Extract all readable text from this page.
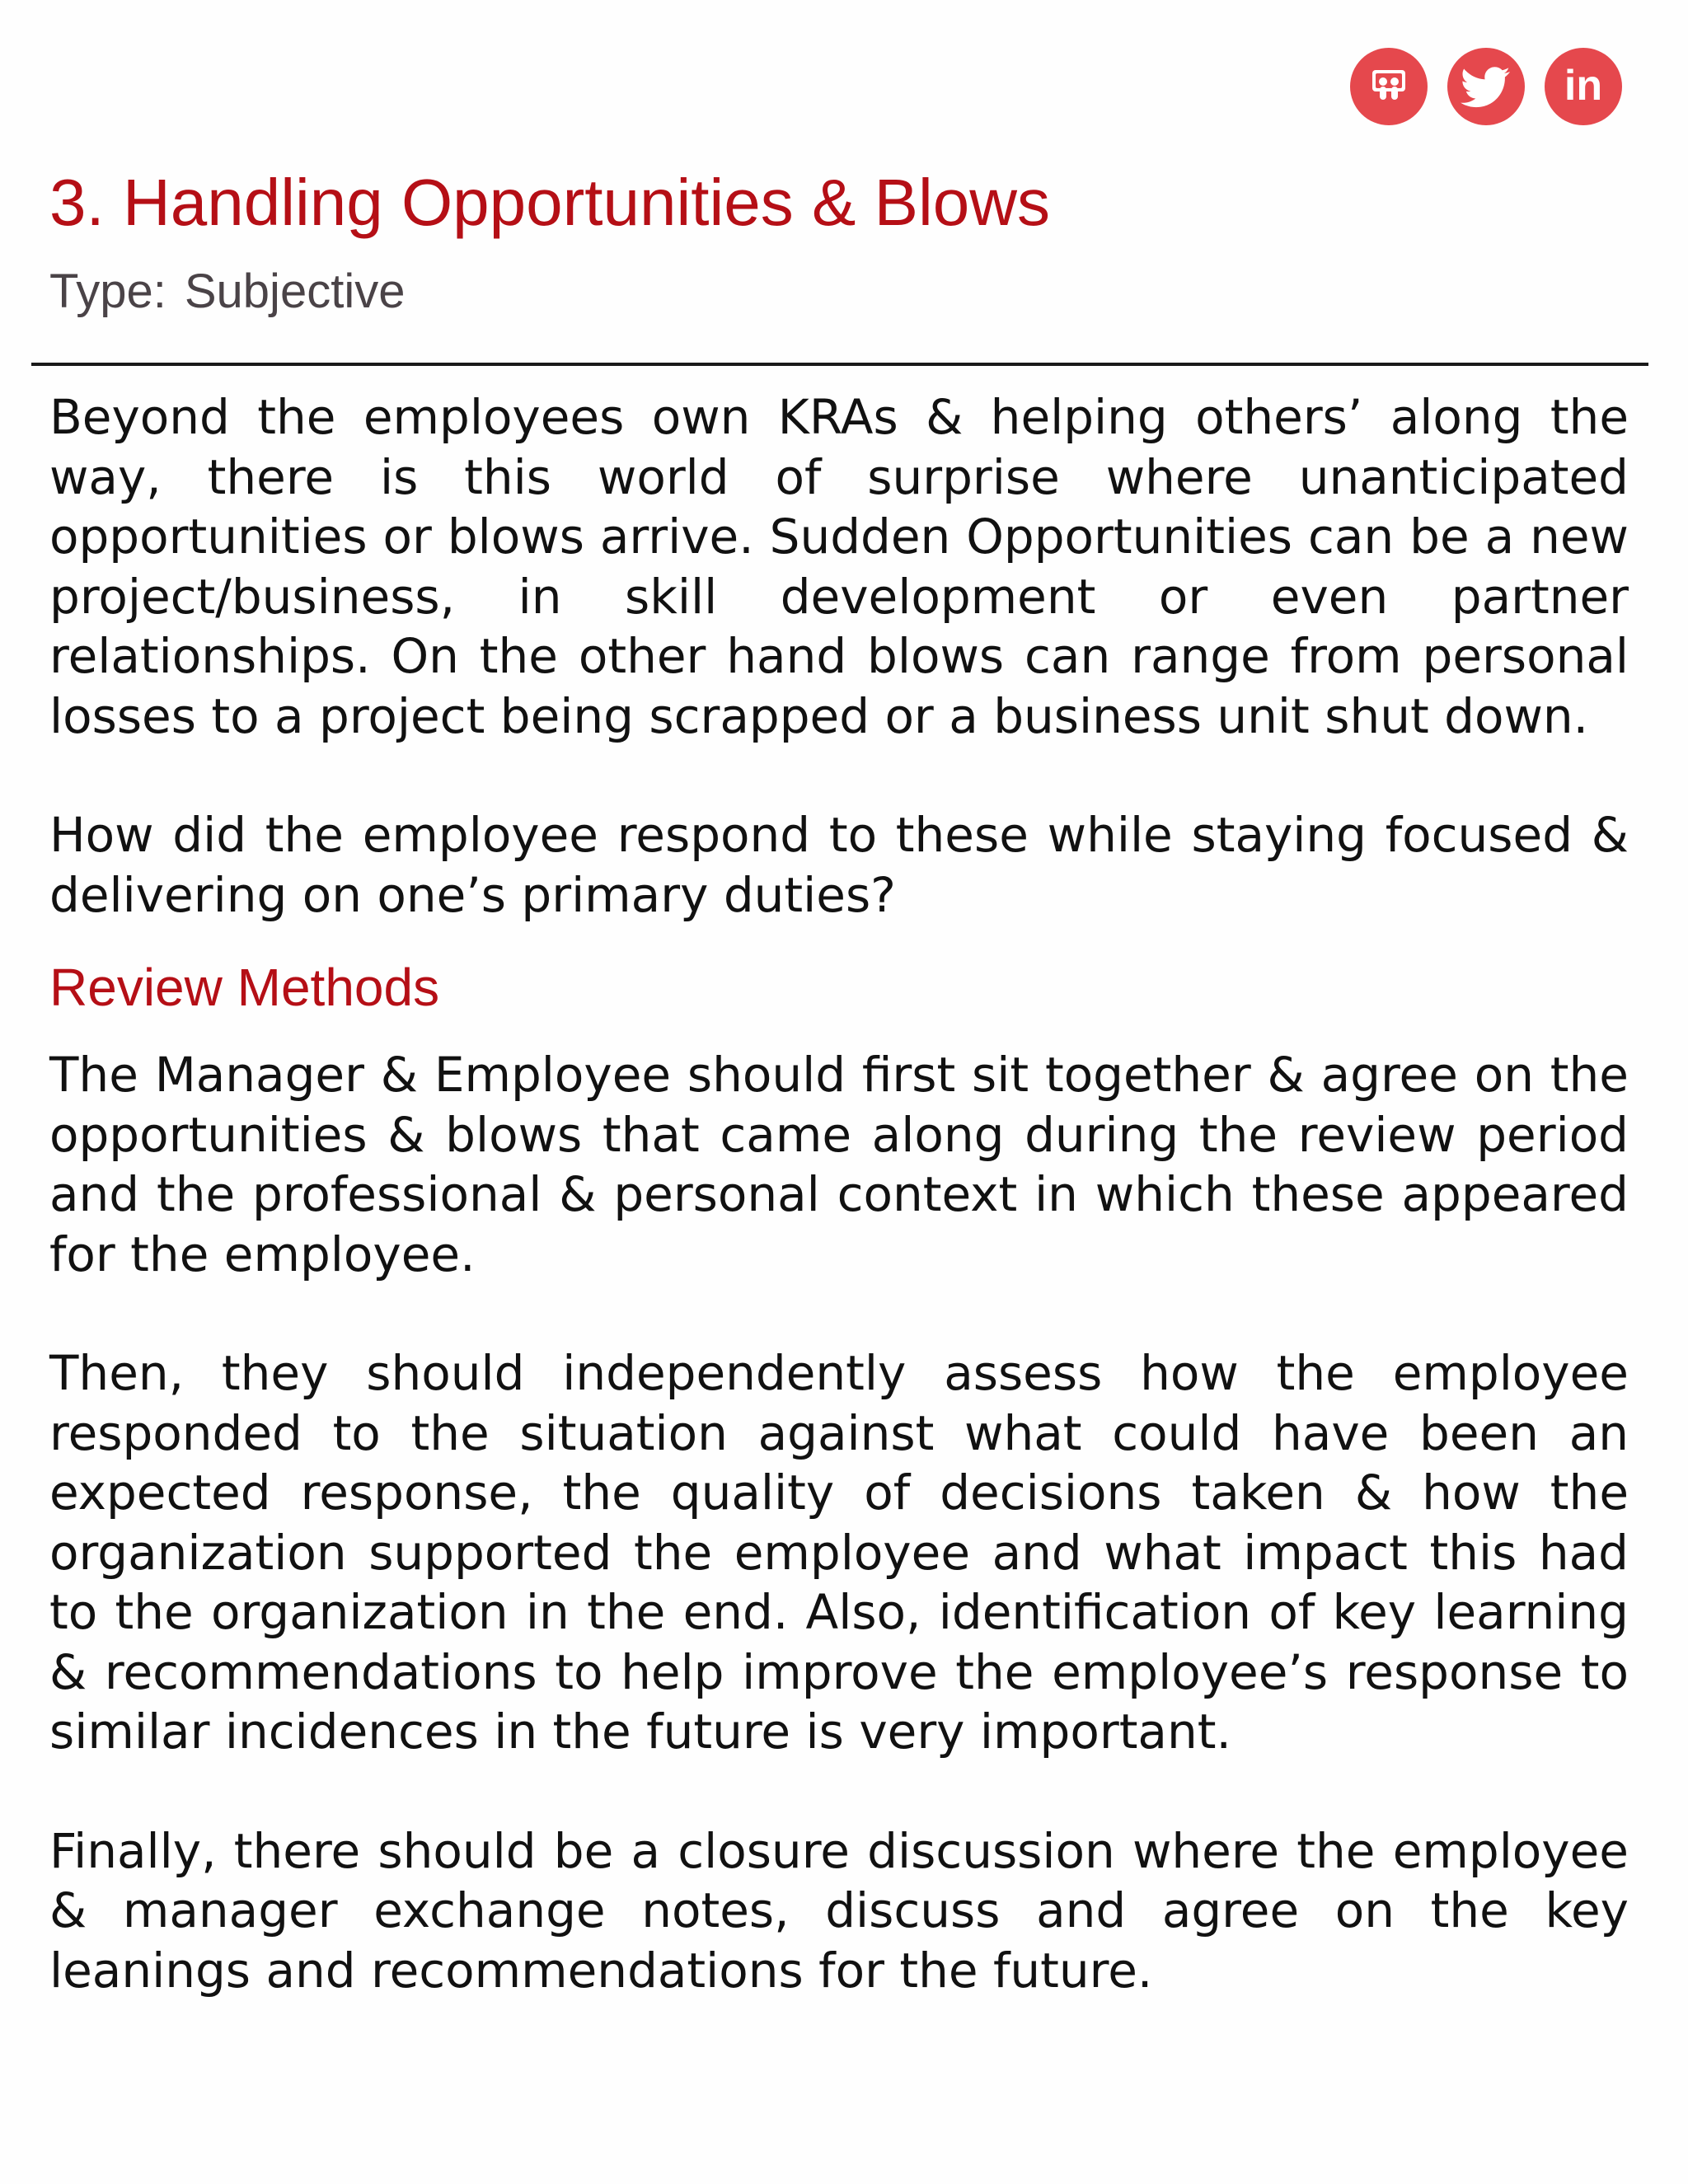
in
3. Handling Opportunities & Blows
Type: Subjective

Beyond the employees own KRAs & helping others’ along the way, there is this world of surprise where unanticipated opportunities or blows arrive. Sudden Opportunities can be a new project/business, in skill development or even partner relationships. On the other hand blows can range from personal losses to a project being scrapped or a business unit shut down.

How did the employee respond to these while staying focused & delivering on one’s primary duties?

Review Methods

The Manager & Employee should first sit together & agree on the opportunities & blows that came along during the review period and the professional & personal context in which these appeared for the employee.

Then, they should independently assess how the employee responded to the situation against what could have been an expected response, the quality of decisions taken & how the organization supported the employee and what impact this had to the organization in the end. Also, identification of key learning & recommendations to help improve the employee’s response to similar incidences in the future is very important.

Finally, there should be a closure discussion where the employee & manager exchange notes, discuss and agree on the key leanings and recommendations for the future.
